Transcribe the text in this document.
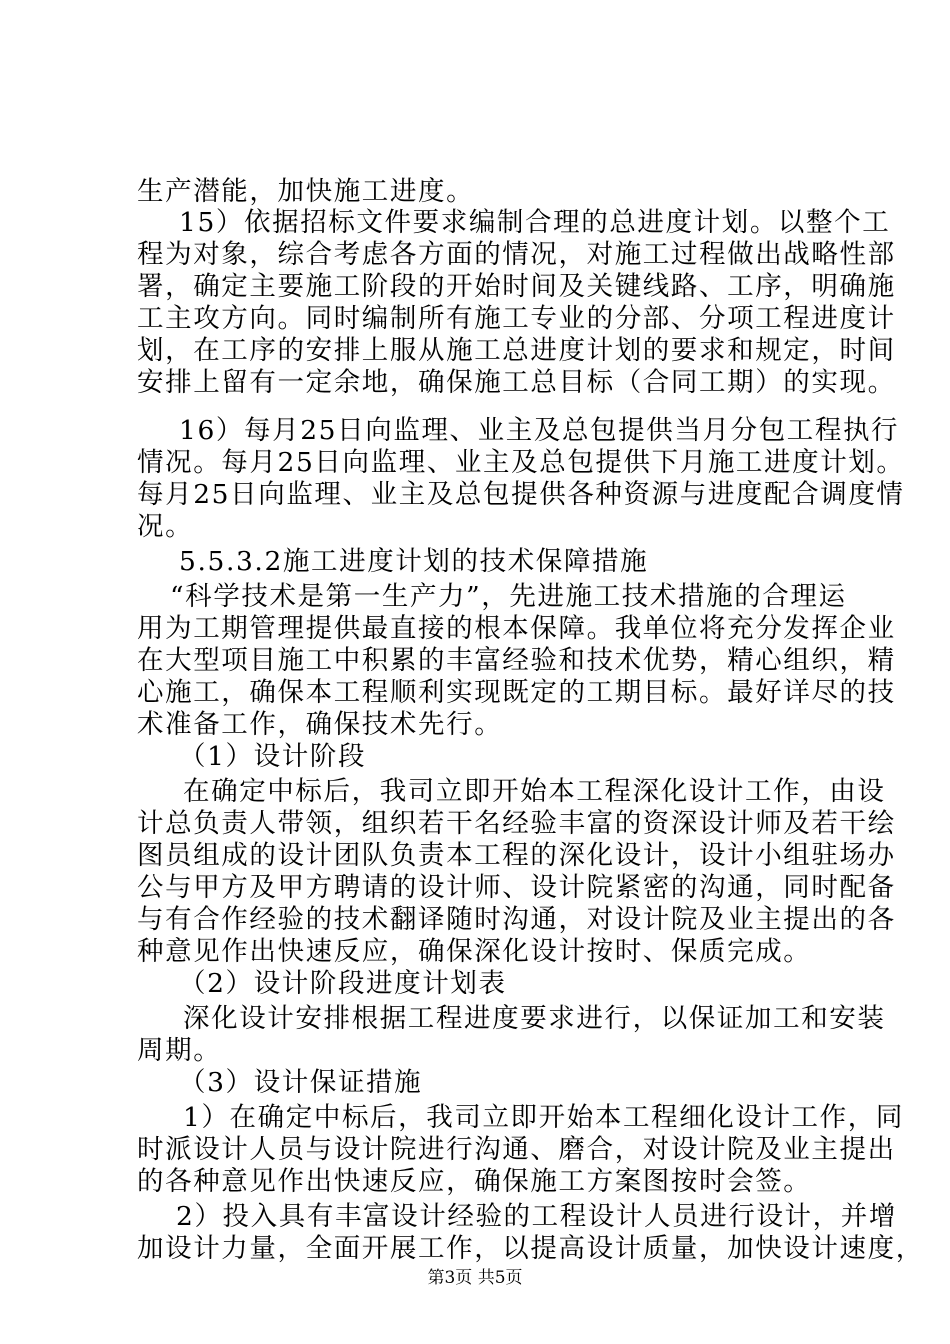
生产潜能，加快施工进度。
15）依据招标文件要求编制合理的总进度计划。以整个工
程为对象，综合考虑各方面的情况，对施工过程做出战略性部
署，确定主要施工阶段的开始时间及关键线路、工序，明确施
工主攻方向。同时编制所有施工专业的分部、分项工程进度计
划，在工序的安排上服从施工总进度计划的要求和规定，时间
安排上留有一定余地，确保施工总目标（合同工期）的实现。
16）每月25日向监理、业主及总包提供当月分包工程执行
情况。每月25日向监理、业主及总包提供下月施工进度计划。
每月25日向监理、业主及总包提供各种资源与进度配合调度情
况。
5.5.3.2施工进度计划的技术保障措施
“科学技术是第一生产力”，先进施工技术措施的合理运
用为工期管理提供最直接的根本保障。我单位将充分发挥企业
在大型项目施工中积累的丰富经验和技术优势，精心组织，精
心施工，确保本工程顺利实现既定的工期目标。最好详尽的技
术准备工作，确保技术先行。
（1）设计阶段
在确定中标后，我司立即开始本工程深化设计工作，由设
计总负责人带领，组织若干名经验丰富的资深设计师及若干绘
图员组成的设计团队负责本工程的深化设计，设计小组驻场办
公与甲方及甲方聘请的设计师、设计院紧密的沟通，同时配备
与有合作经验的技术翻译随时沟通，对设计院及业主提出的各
种意见作出快速反应，确保深化设计按时、保质完成。
（2）设计阶段进度计划表
深化设计安排根据工程进度要求进行，以保证加工和安装
周期。
（3）设计保证措施
1）在确定中标后，我司立即开始本工程细化设计工作，同
时派设计人员与设计院进行沟通、磨合，对设计院及业主提出
的各种意见作出快速反应，确保施工方案图按时会签。
2）投入具有丰富设计经验的工程设计人员进行设计，并增
加设计力量，全面开展工作，以提高设计质量，加快设计速度，
第3页 共5页
